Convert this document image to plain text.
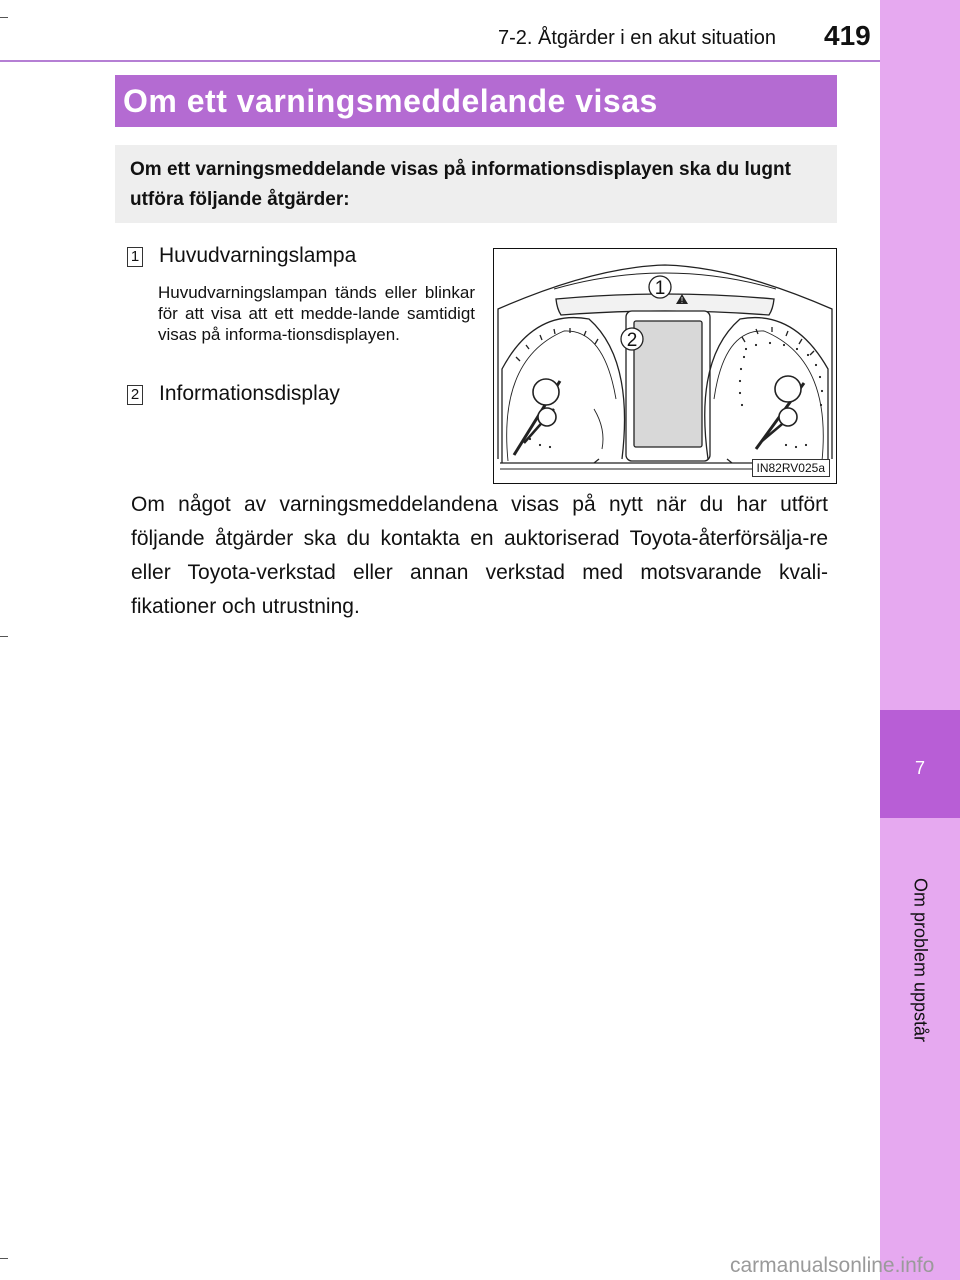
7
Om problem uppstår
7-2. Åtgärder i en akut situation 419
Om ett varningsmeddelande visas
Om ett varningsmeddelande visas på informationsdisplayen ska du lugnt utföra följande åtgärder:
1 Huvudvarningslampa
Huvudvarningslampan tänds eller blinkar för att visa att ett medde-lande samtidigt visas på informa-tionsdisplayen.
2 Informationsdisplay
!
1
2
IN82RV025a
Om något av varningsmeddelandena visas på nytt när du har utfört följande åtgärder ska du kontakta en auktoriserad Toyota-återförsälja-re eller Toyota-verkstad eller annan verkstad med motsvarande kvali-fikationer och utrustning.
carmanualsonline.info
